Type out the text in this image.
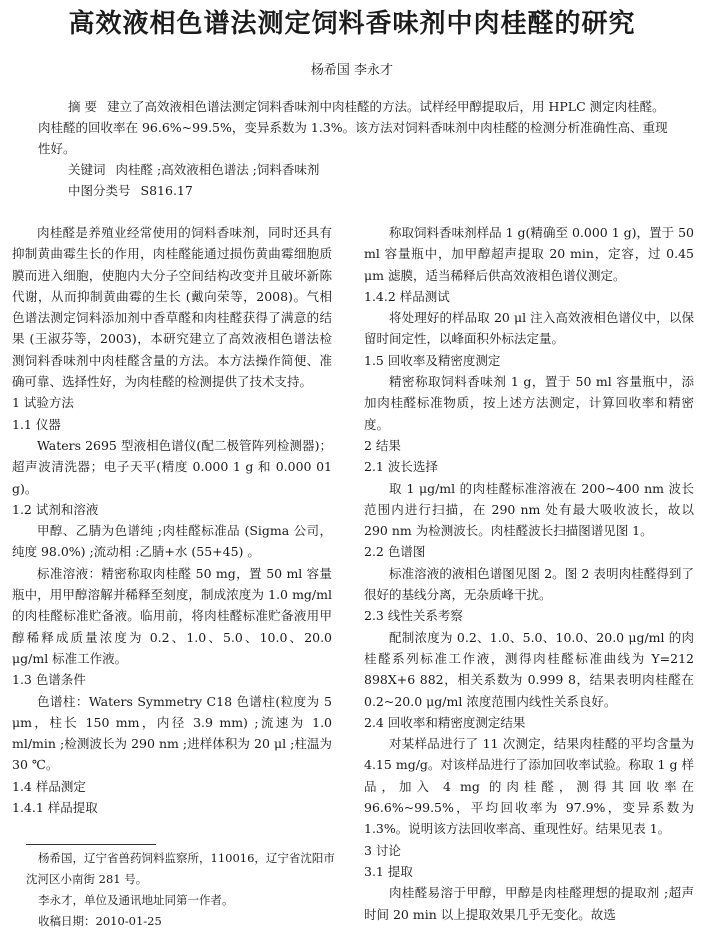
高效液相色谱法测定饲料香味剂中肉桂醛的研究
杨希国 李永才

摘 要 建立了高效液相色谱法测定饲料香味剂中肉桂醛的方法。试样经甲醇提取后，用 HPLC 测定肉桂醛。肉桂醛的回收率在 96.6%~99.5%，变异系数为 1.3%。该方法对饲料香味剂中肉桂醛的检测分析准确性高、重现性好。

关键词 肉桂醛 ;高效液相色谱法 ;饲料香味剂

中图分类号 S816.17

肉桂醛是养殖业经常使用的饲料香味剂，同时还具有抑制黄曲霉生长的作用，肉桂醛能通过损伤黄曲霉细胞质膜而进入细胞，使胞内大分子空间结构改变并且破坏新陈代谢，从而抑制黄曲霉的生长 (戴向荣等，2008)。气相色谱法测定饲料添加剂中香草醛和肉桂醛获得了满意的结果 (王淑芬等，2003)，本研究建立了高效液相色谱法检测饲料香味剂中肉桂醛含量的方法。本方法操作简便、准确可靠、选择性好，为肉桂醛的检测提供了技术支持。

1 试验方法

1.1 仪器

Waters 2695 型液相色谱仪(配二极管阵列检测器)；超声波清洗器；电子天平(精度 0.000 1 g 和 0.000 01 g)。

1.2 试剂和溶液

甲醇、乙腈为色谱纯 ;肉桂醛标准品 (Sigma 公司，纯度 98.0%) ;流动相 :乙腈+水 (55+45) 。

标准溶液：精密称取肉桂醛 50 mg，置 50 ml 容量瓶中，用甲醇溶解并稀释至刻度，制成浓度为 1.0 mg/ml 的肉桂醛标准贮备液。临用前，将肉桂醛标准贮备液用甲醇稀释成质量浓度为 0.2、1.0、5.0、10.0、20.0 μg/ml 标准工作液。

1.3 色谱条件

色谱柱：Waters Symmetry C18 色谱柱(粒度为 5 μm，柱长 150 mm，内径 3.9 mm) ;流速为 1.0 ml/min ;检测波长为 290 nm ;进样体积为 20 μl ;柱温为 30 ℃。

1.4 样品测定

1.4.1 样品提取

称取饲料香味剂样品 1 g(精确至 0.000 1 g)，置于 50 ml 容量瓶中，加甲醇超声提取 20 min，定容，过 0.45 μm 滤膜，适当稀释后供高效液相色谱仪测定。

1.4.2 样品测试

将处理好的样品取 20 μl 注入高效液相色谱仪中，以保留时间定性，以峰面积外标法定量。

1.5 回收率及精密度测定

精密称取饲料香味剂 1 g，置于 50 ml 容量瓶中，添加肉桂醛标准物质，按上述方法测定，计算回收率和精密度。

2 结果

2.1 波长选择

取 1 μg/ml 的肉桂醛标准溶液在 200~400 nm 波长范围内进行扫描，在 290 nm 处有最大吸收波长，故以 290 nm 为检测波长。肉桂醛波长扫描图谱见图 1。

2.2 色谱图

标准溶液的液相色谱图见图 2。图 2 表明肉桂醛得到了很好的基线分离，无杂质峰干扰。

2.3 线性关系考察

配制浓度为 0.2、1.0、5.0、10.0、20.0 μg/ml 的肉桂醛系列标准工作液，测得肉桂醛标准曲线为 Y=212 898X+6 882，相关系数为 0.999 8，结果表明肉桂醛在 0.2~20.0 μg/ml 浓度范围内线性关系良好。

2.4 回收率和精密度测定结果

对某样品进行了 11 次测定，结果肉桂醛的平均含量为 4.15 mg/g。对该样品进行了添加回收率试验。称取 1 g 样品，加入 4 mg 的肉桂醛，测得其回收率在 96.6%~99.5%，平均回收率为 97.9%，变异系数为 1.3%。说明该方法回收率高、重现性好。结果见表 1。

3 讨论

3.1 提取

肉桂醛易溶于甲醇，甲醇是肉桂醛理想的提取剂 ;超声时间 20 min 以上提取效果几乎无变化。故选

杨希国，辽宁省兽药饲料监察所，110016，辽宁省沈阳市沈河区小南街 281 号。

李永才，单位及通讯地址同第一作者。

收稿日期：2010-01-25
